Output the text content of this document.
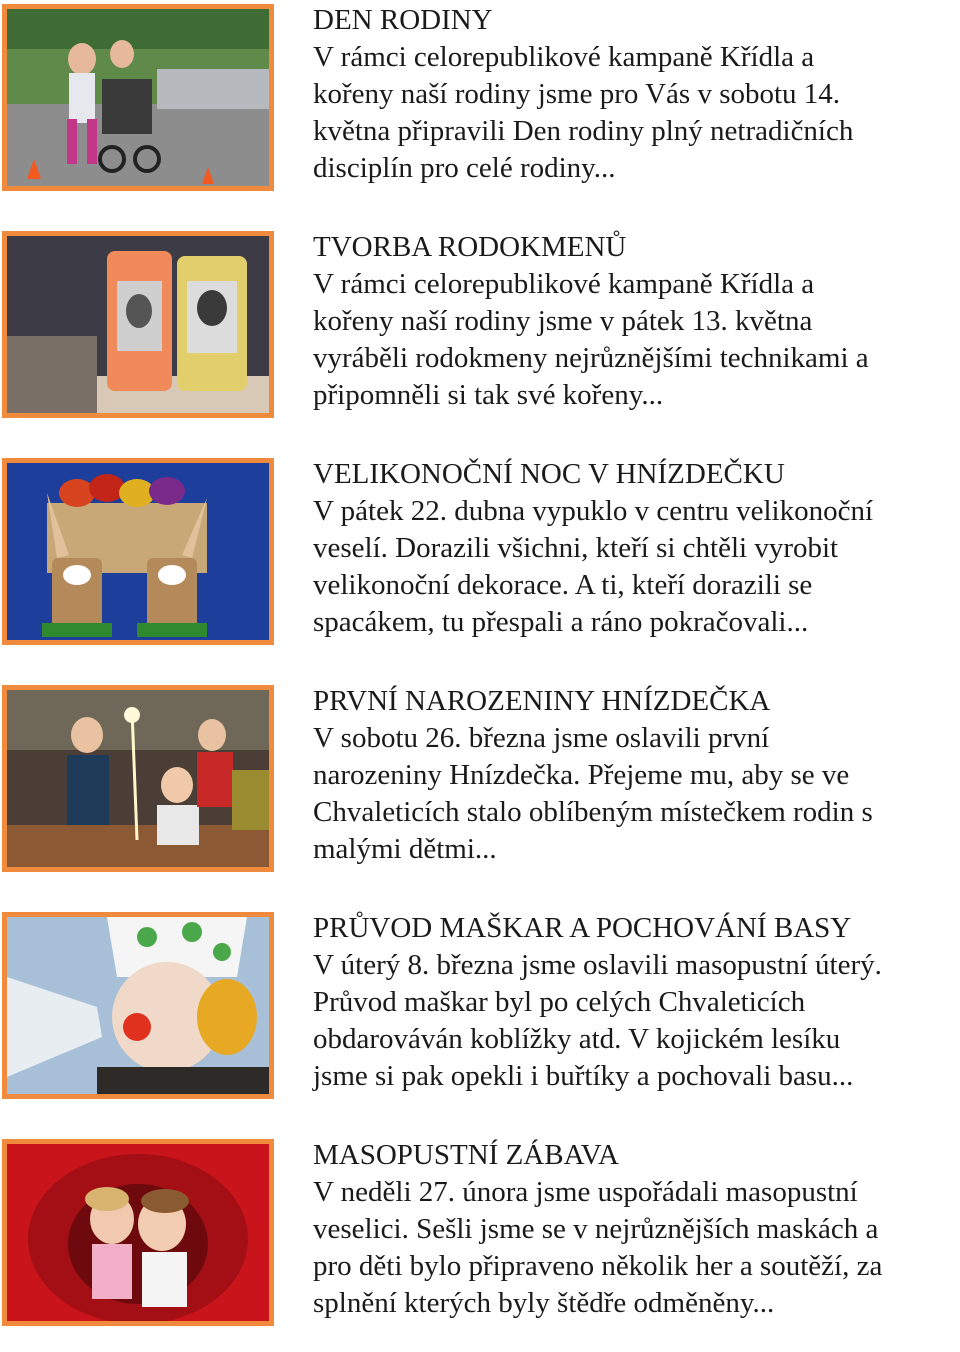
DEN RODINY
V rámci celorepublikové kampaně Křídla a
kořeny naší rodiny jsme pro Vás v sobotu 14.
května připravili Den rodiny plný netradičních
disciplín pro celé rodiny...
TVORBA RODOKMENŮ
V rámci celorepublikové kampaně Křídla a
kořeny naší rodiny jsme v pátek 13. května
vyráběli rodokmeny nejrůznějšími technikami a
připomněli si tak své kořeny...
VELIKONOČNÍ NOC V HNÍZDEČKU
V pátek 22. dubna vypuklo v centru velikonoční
veselí. Dorazili všichni, kteří si chtěli vyrobit
velikonoční dekorace. A ti, kteří dorazili se
spacákem, tu přespali a ráno pokračovali...
PRVNÍ NAROZENINY HNÍZDEČKA
V sobotu 26. března jsme oslavili první
narozeniny Hnízdečka. Přejeme mu, aby se ve
Chvaleticích stalo oblíbeným místečkem rodin s
malými dětmi...
PRŮVOD MAŠKAR A POCHOVÁNÍ BASY
V úterý 8. března jsme oslavili masopustní úterý.
Průvod maškar byl po celých Chvaleticích
obdarováván koblížky atd. V kojickém lesíku
jsme si pak opekli i buřtíky a pochovali basu...
MASOPUSTNÍ ZÁBAVA
V neděli 27. února jsme uspořádali masopustní
veselici. Sešli jsme se v nejrůznějších maskách a
pro děti bylo připraveno několik her a soutěží, za
splnění kterých byly štědře odměněny...
